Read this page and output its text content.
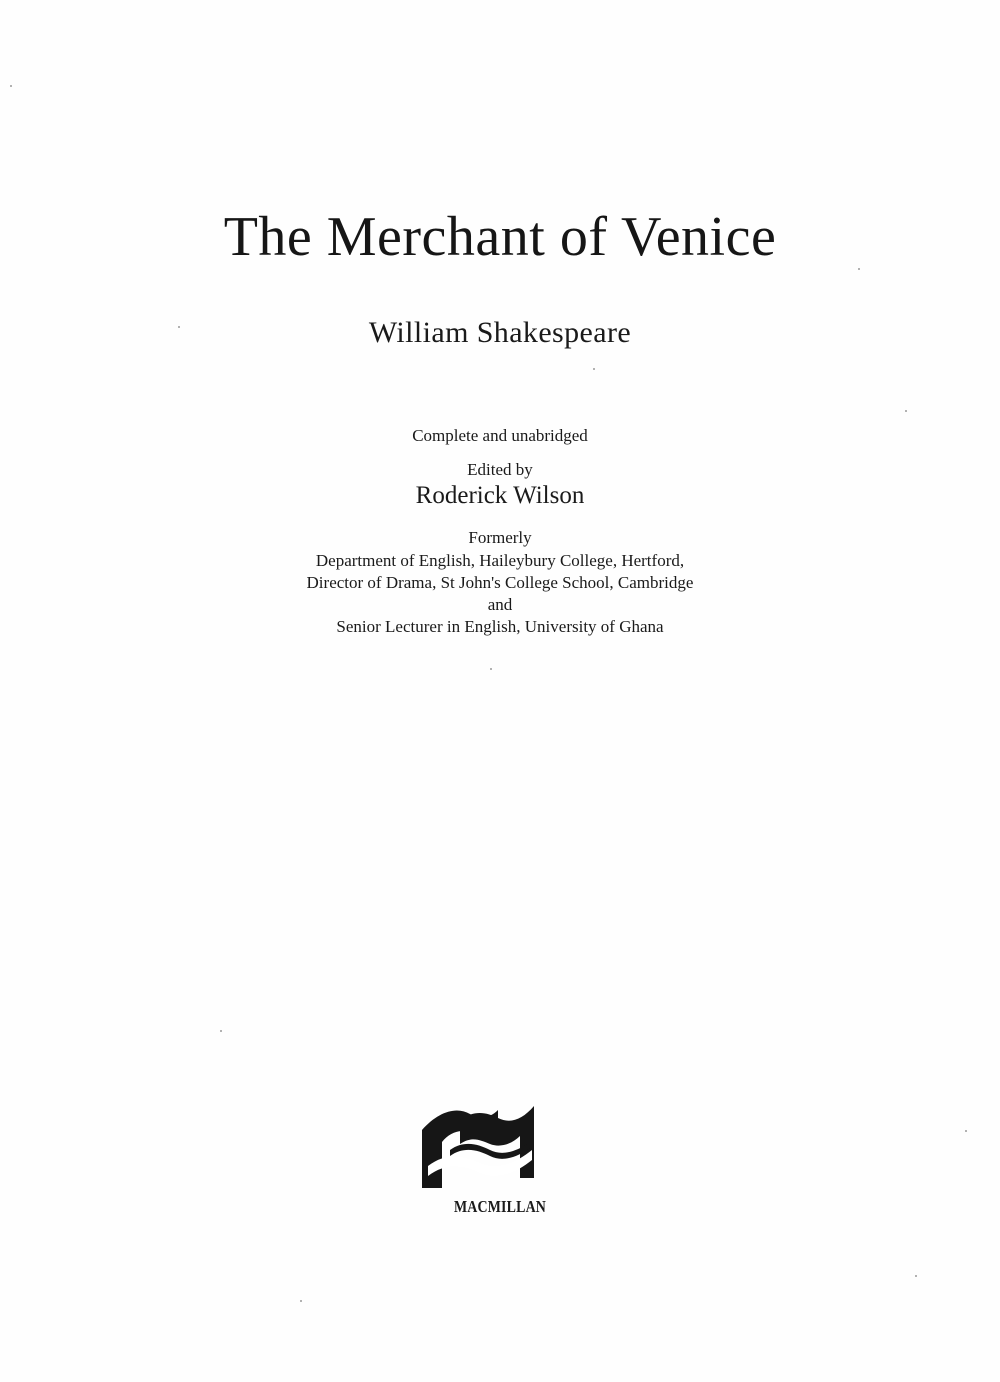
The Merchant of Venice
William Shakespeare
Complete and unabridged
Edited by
Roderick Wilson
Formerly
Department of English, Haileybury College, Hertford,
Director of Drama, St John's College School, Cambridge
and
Senior Lecturer in English, University of Ghana
MACMILLAN
